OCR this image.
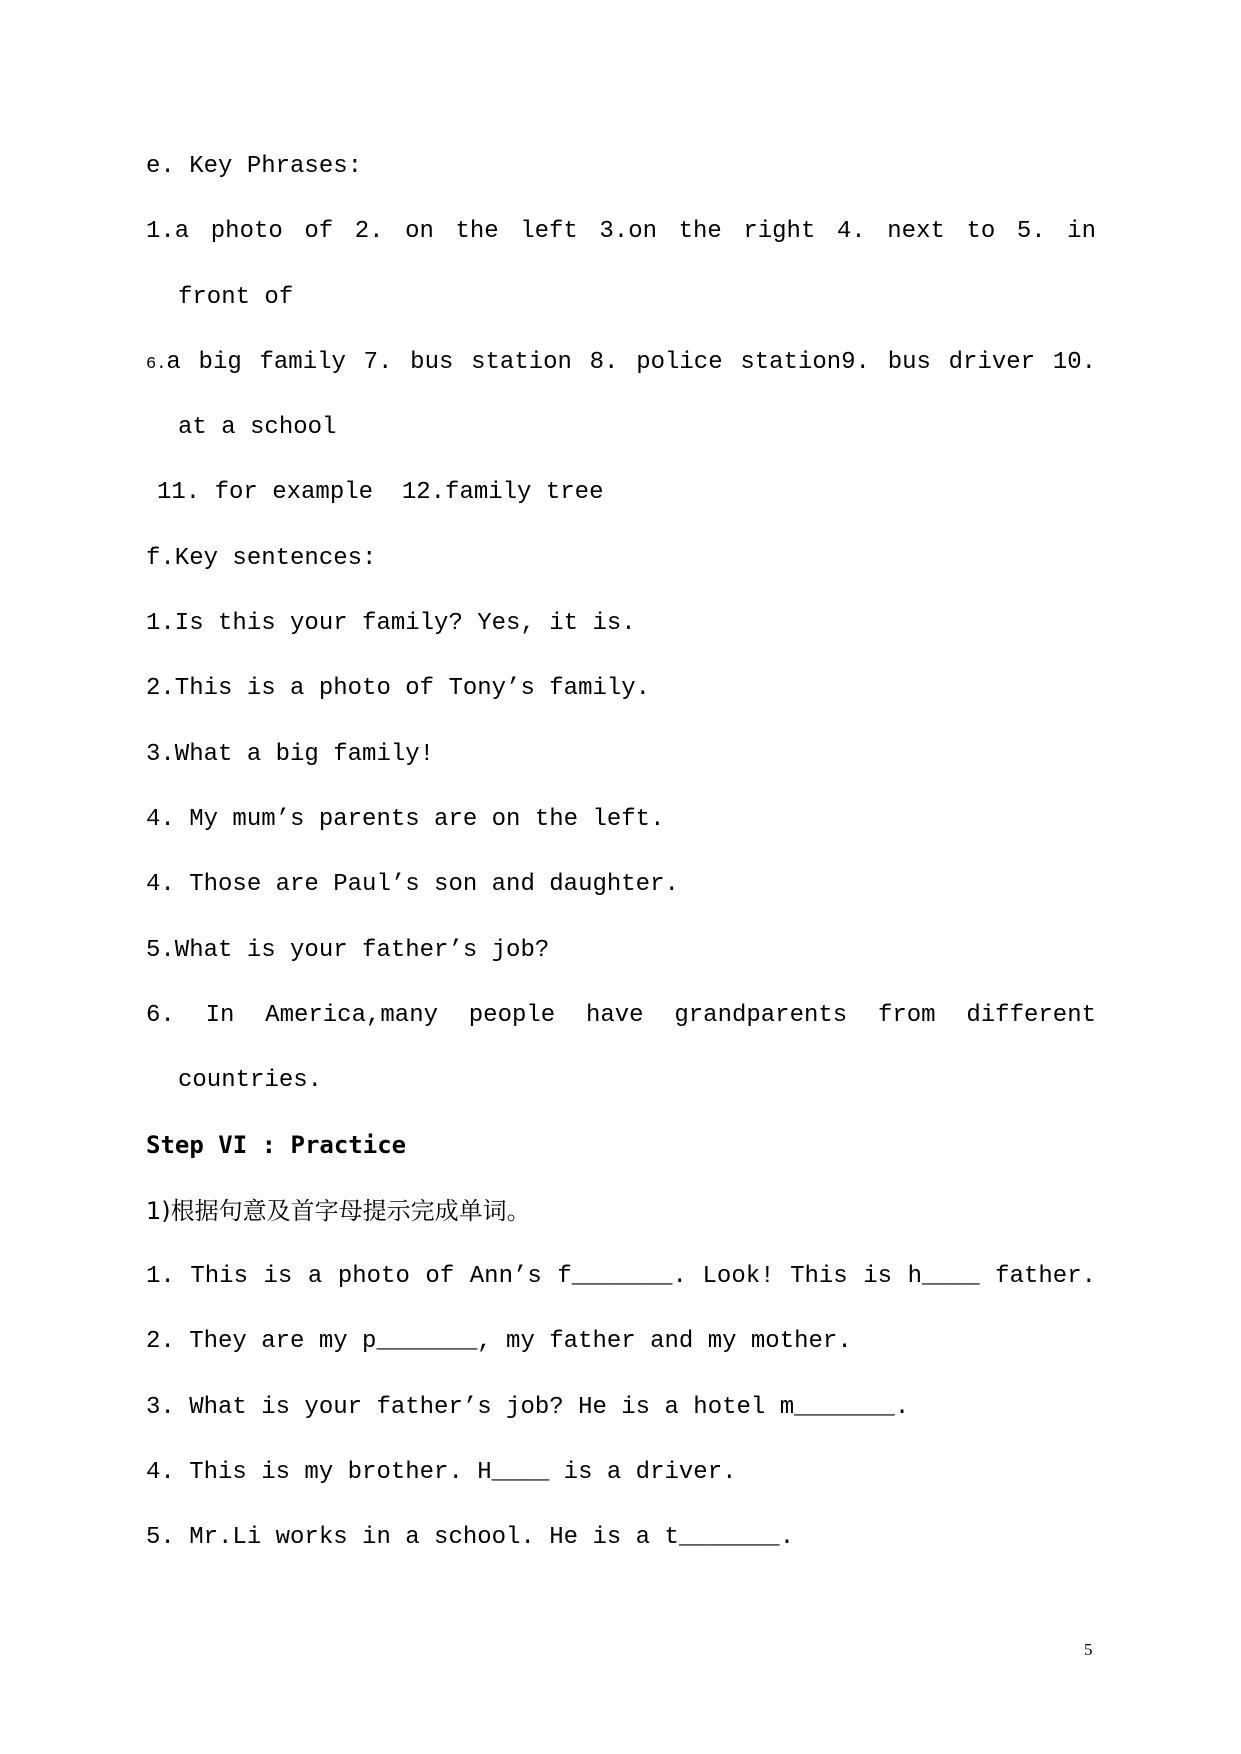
e. Key Phrases:
1.a photo of 2. on the left 3.on the right 4. next to 5. in
front of
6.a big family 7. bus station 8. police station9. bus driver 10.
at a school
11. for example  12.family tree
f.Key sentences:
1.Is this your family? Yes, it is.
2.This is a photo of Tony’s family.
3.What a big family!
4. My mum’s parents are on the left.
4. Those are Paul’s son and daughter.
5.What is your father’s job?
6. In America,many people have grandparents from different
countries.
Step VI : Practice
1)根据句意及首字母提示完成单词。
1. This is a photo of Ann’s f_______. Look! This is h____ father.
2. They are my p_______, my father and my mother.
3. What is your father’s job? He is a hotel m_______.
4. This is my brother. H____ is a driver.
5. Mr.Li works in a school. He is a t_______.
5
